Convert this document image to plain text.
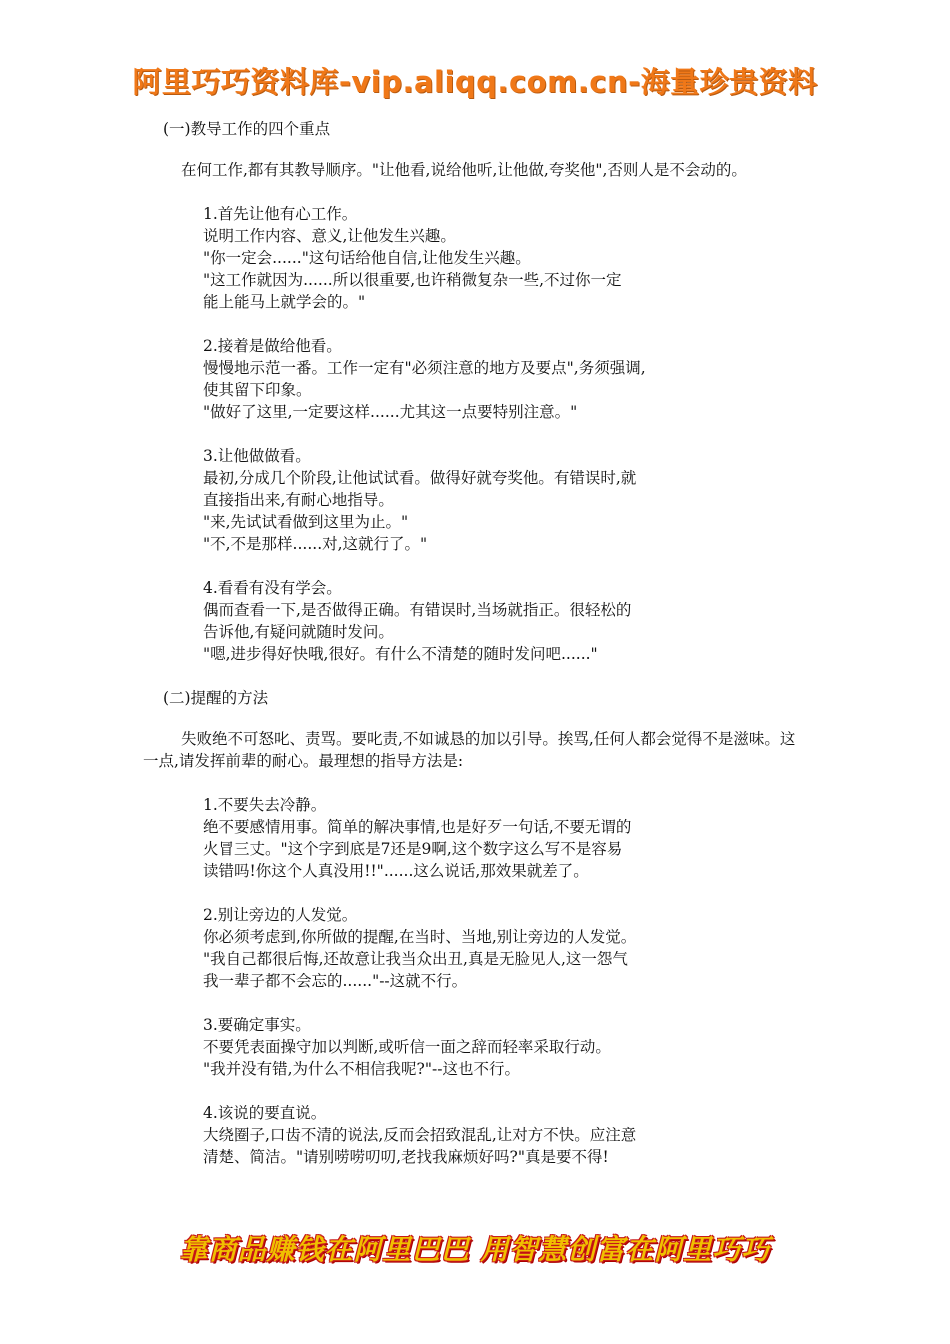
阿里巧巧资料库-vip.aliqq.com.cn-海量珍贵资料
(一)教导工作的四个重点
在何工作,都有其教导顺序。"让他看,说给他听,让他做,夸奖他",否则人是不会动的。
1.首先让他有心工作。
说明工作内容、意义,让他发生兴趣。
"你一定会......"这句话给他自信,让他发生兴趣。
"这工作就因为......所以很重要,也许稍微复杂一些,不过你一定
能上能马上就学会的。"
2.接着是做给他看。
慢慢地示范一番。工作一定有"必须注意的地方及要点",务须强调,
使其留下印象。
"做好了这里,一定要这样......尤其这一点要特别注意。"
3.让他做做看。
最初,分成几个阶段,让他试试看。做得好就夸奖他。有错误时,就
直接指出来,有耐心地指导。
"来,先试试看做到这里为止。"
"不,不是那样......对,这就行了。"
4.看看有没有学会。
偶而查看一下,是否做得正确。有错误时,当场就指正。很轻松的
告诉他,有疑问就随时发问。
"嗯,进步得好快哦,很好。有什么不清楚的随时发问吧......"
(二)提醒的方法
失败绝不可怒叱、责骂。要叱责,不如诚恳的加以引导。挨骂,任何人都会觉得不是滋味。这一点,请发挥前辈的耐心。最理想的指导方法是:
1.不要失去冷静。
绝不要感情用事。简单的解决事情,也是好歹一句话,不要无谓的
火冒三丈。"这个字到底是7还是9啊,这个数字这么写不是容易
读错吗!你这个人真没用!!"......这么说话,那效果就差了。
2.别让旁边的人发觉。
你必须考虑到,你所做的提醒,在当时、当地,别让旁边的人发觉。
"我自己都很后悔,还故意让我当众出丑,真是无脸见人,这一怨气
我一辈子都不会忘的......"--这就不行。
3.要确定事实。
不要凭表面操守加以判断,或听信一面之辞而轻率采取行动。
"我并没有错,为什么不相信我呢?"--这也不行。
4.该说的要直说。
大绕圈子,口齿不清的说法,反而会招致混乱,让对方不快。应注意
清楚、简洁。"请别唠唠叨叨,老找我麻烦好吗?"真是要不得!
靠商品赚钱在阿里巴巴 用智慧创富在阿里巧巧
